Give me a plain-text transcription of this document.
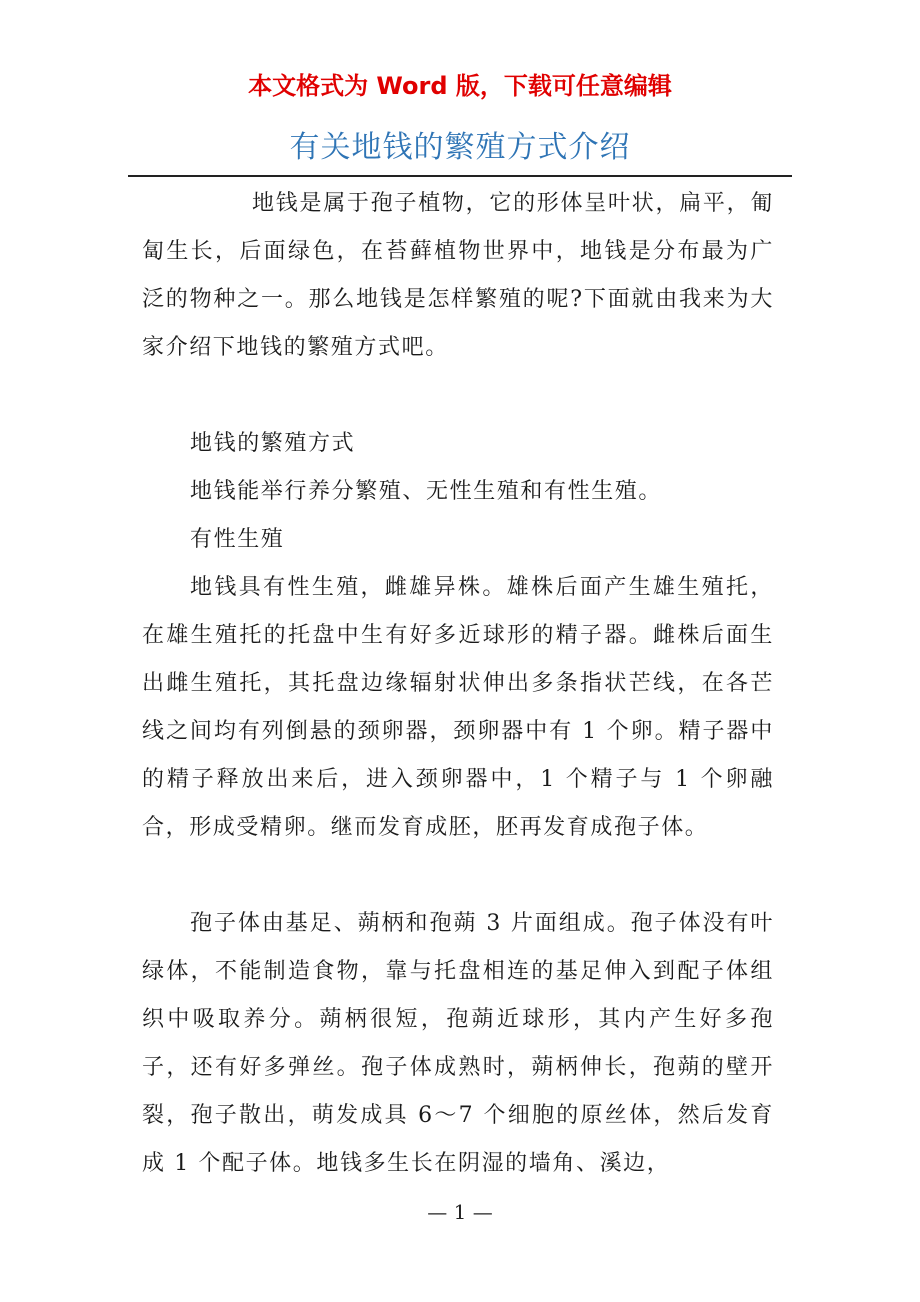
本文格式为 Word 版，下载可任意编辑
有关地钱的繁殖方式介绍

地钱是属于孢子植物，它的形体呈叶状，扁平，匍匐生长，后面绿色，在苔藓植物世界中，地钱是分布最为广泛的物种之一。那么地钱是怎样繁殖的呢?下面就由我来为大家介绍下地钱的繁殖方式吧。

地钱的繁殖方式

地钱能举行养分繁殖、无性生殖和有性生殖。

有性生殖

地钱具有性生殖，雌雄异株。雄株后面产生雄生殖托，在雄生殖托的托盘中生有好多近球形的精子器。雌株后面生出雌生殖托，其托盘边缘辐射状伸出多条指状芒线，在各芒线之间均有列倒悬的颈卵器，颈卵器中有 1 个卵。精子器中的精子释放出来后，进入颈卵器中，1 个精子与 1 个卵融合，形成受精卵。继而发育成胚，胚再发育成孢子体。

孢子体由基足、蒴柄和孢蒴 3 片面组成。孢子体没有叶绿体，不能制造食物，靠与托盘相连的基足伸入到配子体组织中吸取养分。蒴柄很短，孢蒴近球形，其内产生好多孢子，还有好多弹丝。孢子体成熟时，蒴柄伸长，孢蒴的壁开裂，孢子散出，萌发成具 6～7 个细胞的原丝体，然后发育成 1 个配子体。地钱多生长在阴湿的墙角、溪边，

— 1 —
